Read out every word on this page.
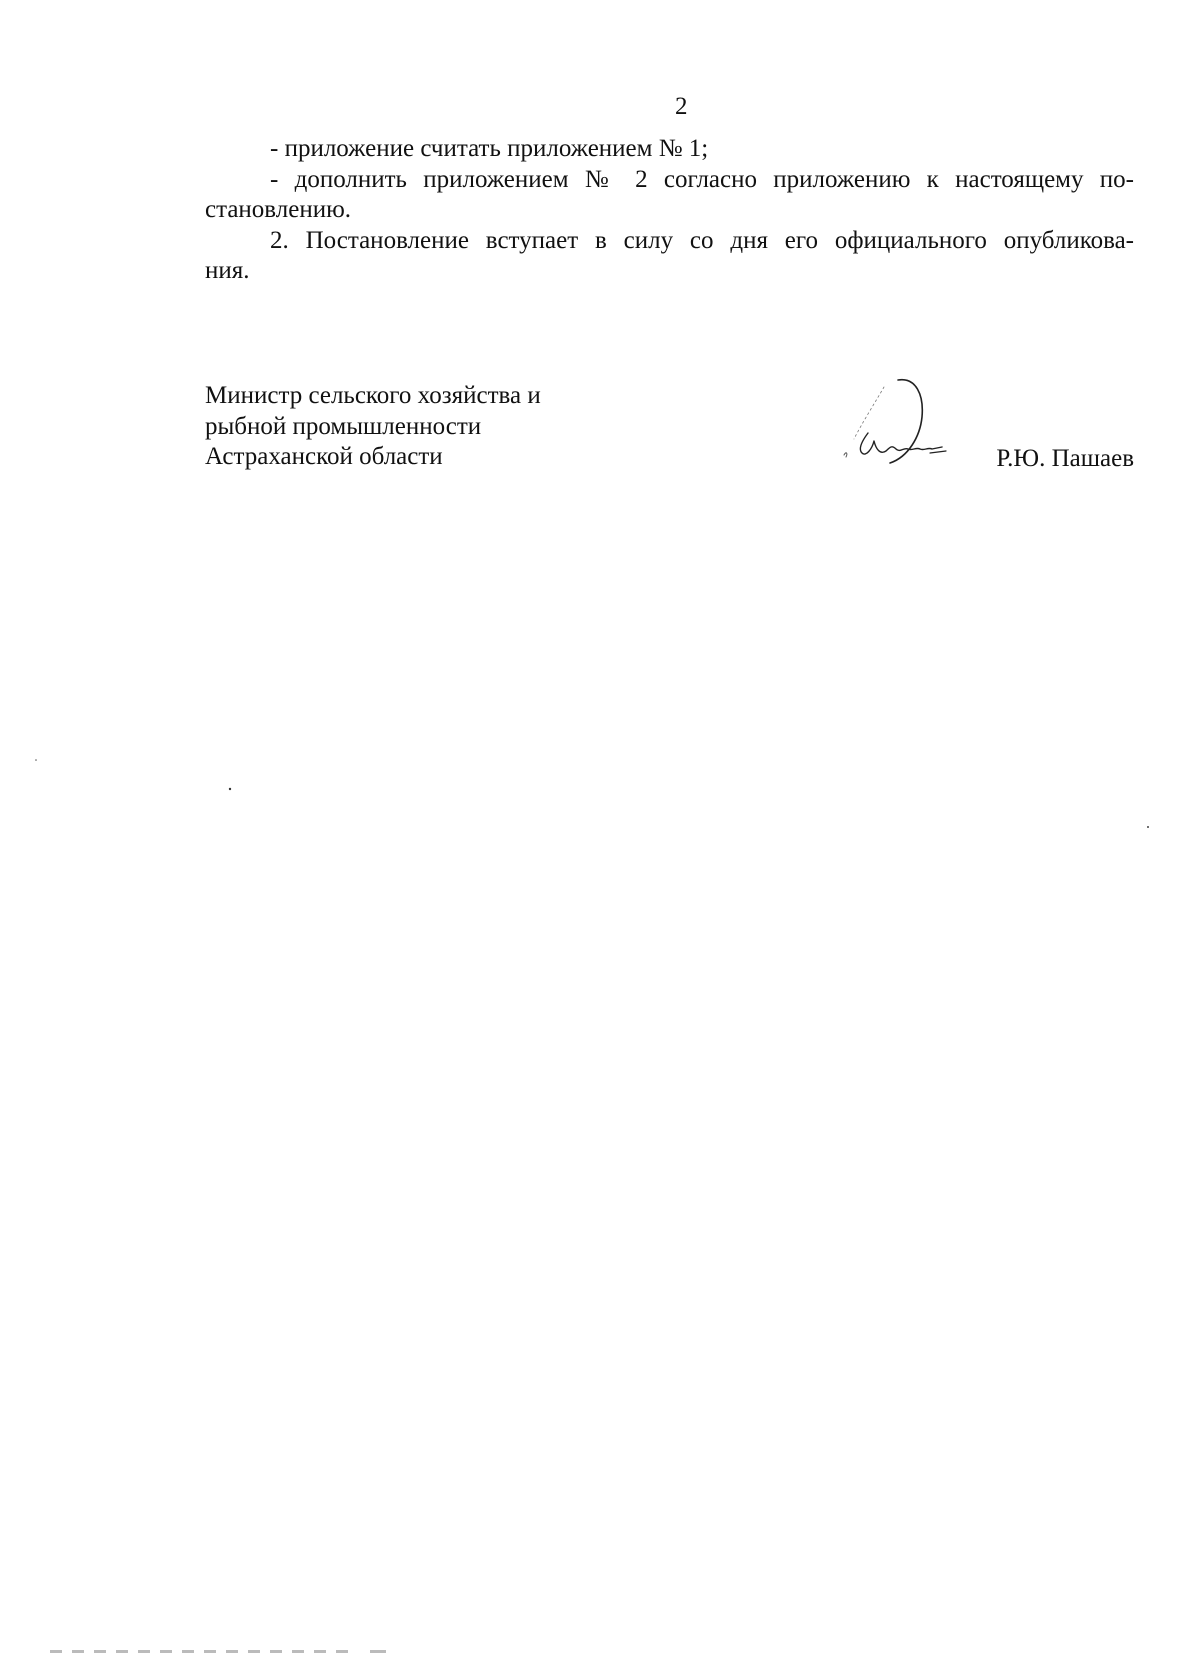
2

- приложение считать приложением № 1;

- дополнить приложением № 2 согласно приложению к настоящему по-

становлению.

2. Постановление вступает в силу со дня его официального опубликова-

ния.

Министр сельского хозяйства и
рыбной промышленности
Астраханской области	Р.Ю. Пашаев
